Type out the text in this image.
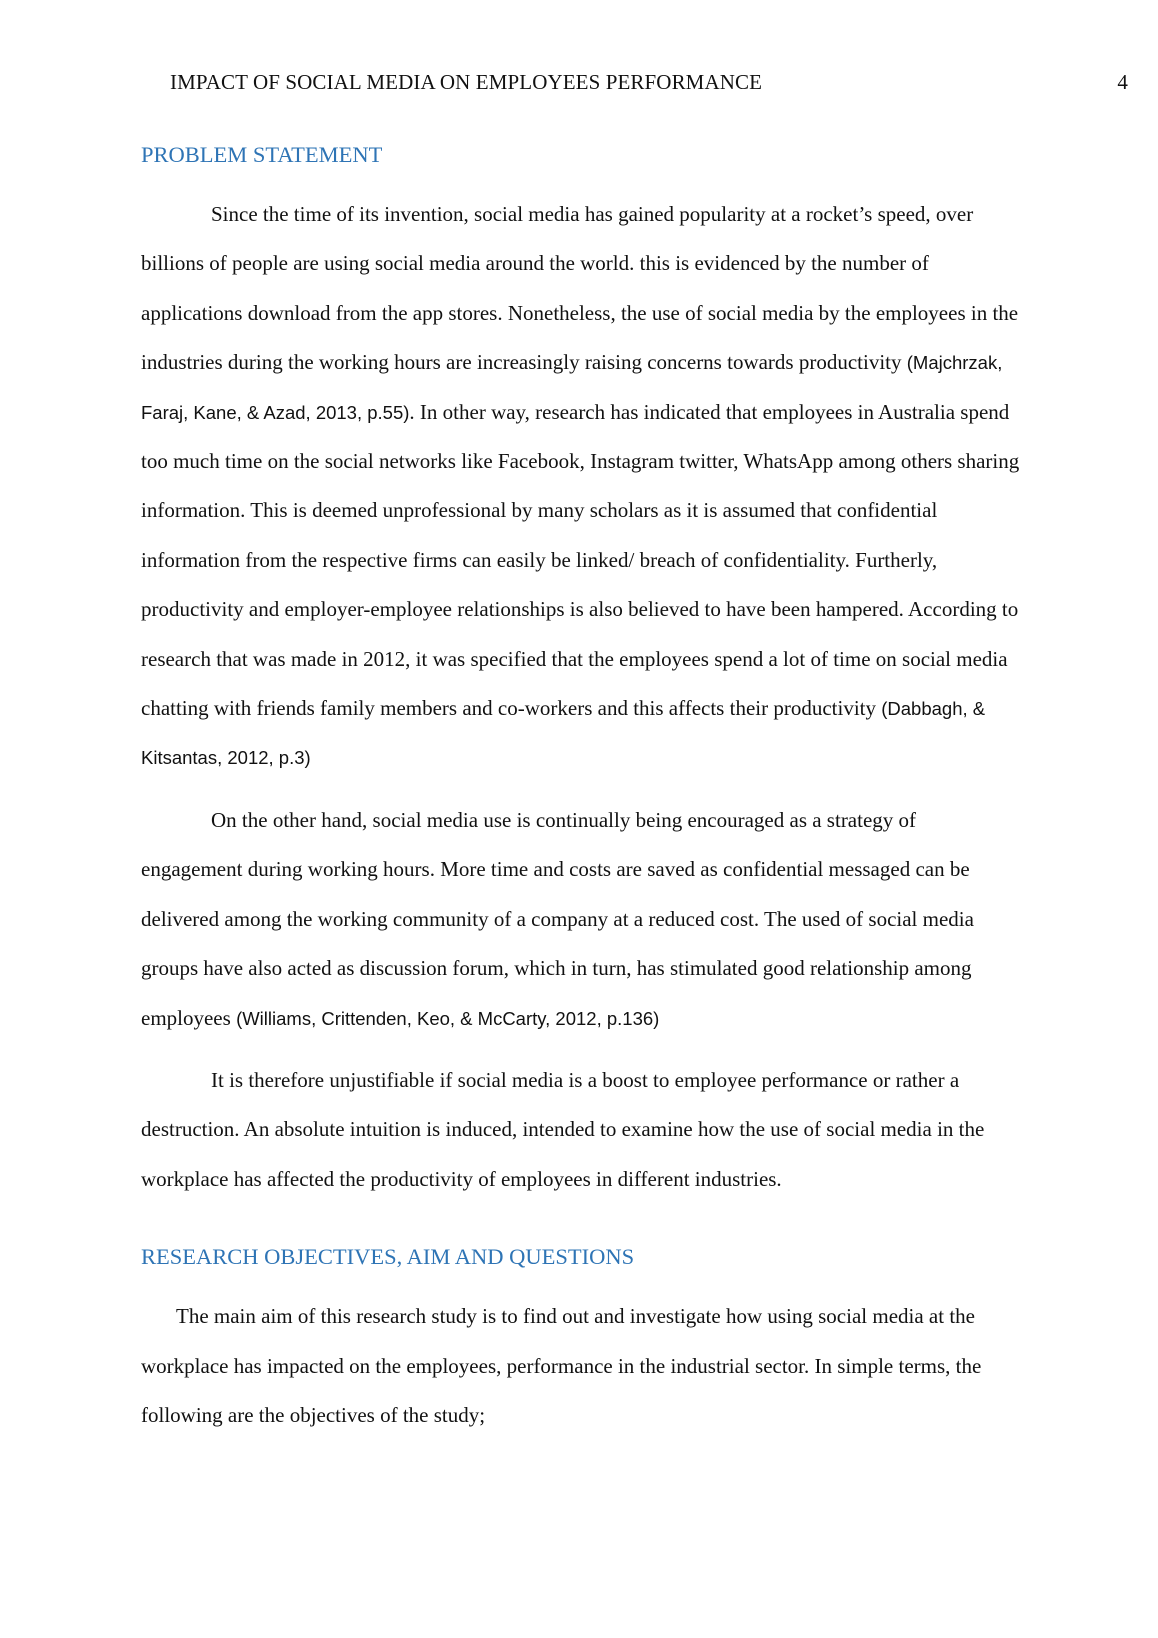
IMPACT OF SOCIAL MEDIA ON EMPLOYEES PERFORMANCE	4
PROBLEM STATEMENT

Since the time of its invention, social media has gained popularity at a rocket’s speed, over billions of people are using social media around the world. this is evidenced by the number of applications download from the app stores. Nonetheless, the use of social media by the employees in the industries during the working hours are increasingly raising concerns towards productivity (Majchrzak, Faraj, Kane, & Azad, 2013, p.55). In other way, research has indicated that employees in Australia spend too much time on the social networks like Facebook, Instagram twitter, WhatsApp among others sharing information. This is deemed unprofessional by many scholars as it is assumed that confidential information from the respective firms can easily be linked/ breach of confidentiality. Furtherly, productivity and employer-employee relationships is also believed to have been hampered. According to research that was made in 2012, it was specified that the employees spend a lot of time on social media chatting with friends family members and co-workers and this affects their productivity (Dabbagh, & Kitsantas, 2012, p.3)

On the other hand, social media use is continually being encouraged as a strategy of engagement during working hours. More time and costs are saved as confidential messaged can be delivered among the working community of a company at a reduced cost. The used of social media groups have also acted as discussion forum, which in turn, has stimulated good relationship among employees (Williams, Crittenden, Keo, & McCarty, 2012, p.136)

It is therefore unjustifiable if social media is a boost to employee performance or rather a destruction. An absolute intuition is induced, intended to examine how the use of social media in the workplace has affected the productivity of employees in different industries.

RESEARCH OBJECTIVES, AIM AND QUESTIONS

The main aim of this research study is to find out and investigate how using social media at the workplace has impacted on the employees, performance in the industrial sector. In simple terms, the following are the objectives of the study;
